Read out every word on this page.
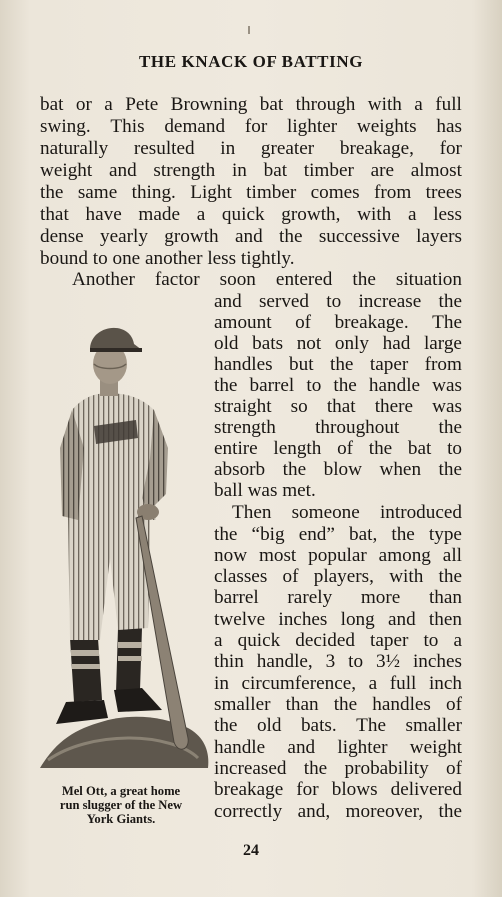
THE KNACK OF BATTING
bat or a Pete Browning bat through with a full
swing. This demand for lighter weights has
naturally resulted in greater breakage, for
weight and strength in bat timber are almost
the same thing. Light timber comes from trees
that have made a quick growth, with a less
dense yearly growth and the successive layers
bound to one another less tightly.
Another factor soon entered the situation
and served to increase the
amount of breakage. The
old bats not only had large
handles but the taper from
the barrel to the handle was
straight so that there was
strength throughout the
entire length of the bat to
absorb the blow when the
ball was met.
Then someone introduced
the “big end” bat, the type
now most popular among all
classes of players, with the
barrel rarely more than
twelve inches long and then
a quick decided taper to a
thin handle, 3 to 3½ inches
in circumference, a full inch
smaller than the handles of
the old bats. The smaller
handle and lighter weight
increased the probability of
breakage for blows delivered
correctly and, moreover, the
Mel Ott, a great home
run slugger of the New
York Giants.
24
